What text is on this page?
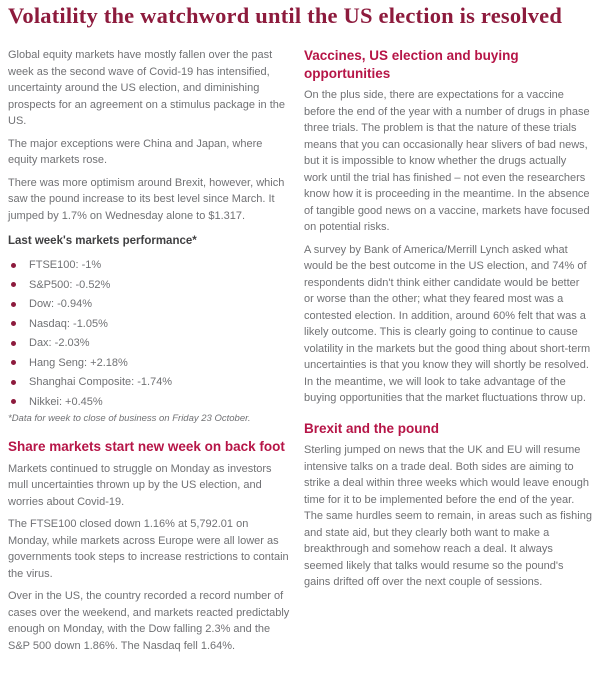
Volatility the watchword until the US election is resolved

Global equity markets have mostly fallen over the past week as the second wave of Covid-19 has intensified, uncertainty around the US election, and diminishing prospects for an agreement on a stimulus package in the US.

The major exceptions were China and Japan, where equity markets rose.

There was more optimism around Brexit, however, which saw the pound increase to its best level since March. It jumped by 1.7% on Wednesday alone to $1.317.

Last week's markets performance*
FTSE100: -1%
S&P500: -0.52%
Dow: -0.94%
Nasdaq: -1.05%
Dax: -2.03%
Hang Seng: +2.18%
Shanghai Composite: -1.74%
Nikkei: +0.45%

*Data for week to close of business on Friday 23 October.

Share markets start new week on back foot

Markets continued to struggle on Monday as investors mull uncertainties thrown up by the US election, and worries about Covid-19.

The FTSE100 closed down 1.16% at 5,792.01 on Monday, while markets across Europe were all lower as governments took steps to increase restrictions to contain the virus.

Over in the US, the country recorded a record number of cases over the weekend, and markets reacted predictably enough on Monday, with the Dow falling 2.3% and the S&P 500 down 1.86%. The Nasdaq fell 1.64%.

Vaccines, US election and buying opportunities

On the plus side, there are expectations for a vaccine before the end of the year with a number of drugs in phase three trials. The problem is that the nature of these trials means that you can occasionally hear slivers of bad news, but it is impossible to know whether the drugs actually work until the trial has finished – not even the researchers know how it is proceeding in the meantime. In the absence of tangible good news on a vaccine, markets have focused on potential risks.

A survey by Bank of America/Merrill Lynch asked what would be the best outcome in the US election, and 74% of respondents didn't think either candidate would be better or worse than the other; what they feared most was a contested election. In addition, around 60% felt that was a likely outcome. This is clearly going to continue to cause volatility in the markets but the good thing about short-term uncertainties is that you know they will shortly be resolved. In the meantime, we will look to take advantage of the buying opportunities that the market fluctuations throw up.

Brexit and the pound

Sterling jumped on news that the UK and EU will resume intensive talks on a trade deal. Both sides are aiming to strike a deal within three weeks which would leave enough time for it to be implemented before the end of the year. The same hurdles seem to remain, in areas such as fishing and state aid, but they clearly both want to make a breakthrough and somehow reach a deal. It always seemed likely that talks would resume so the pound's gains drifted off over the next couple of sessions.
